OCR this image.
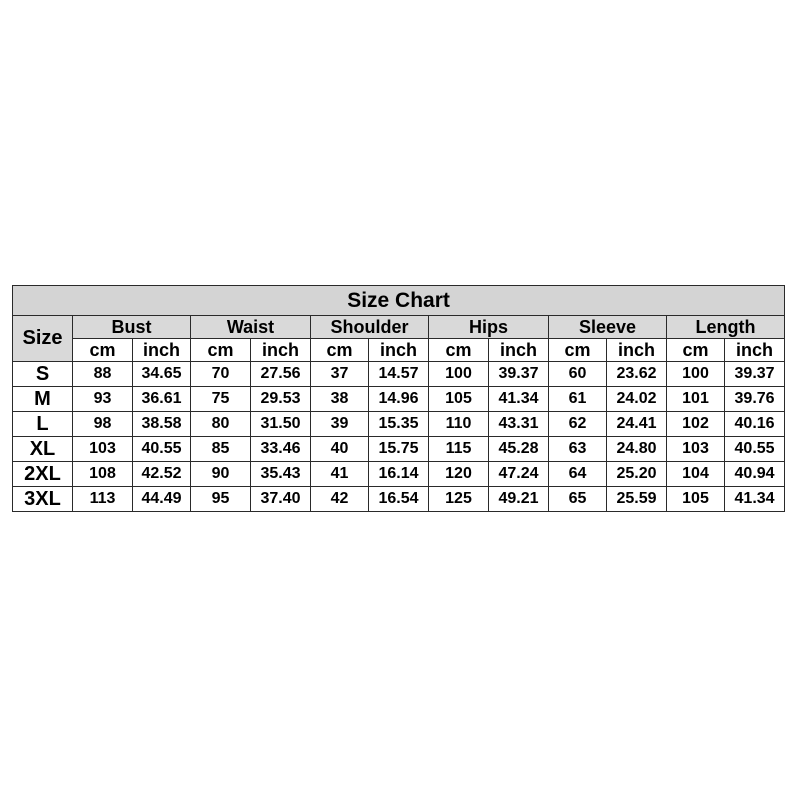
Size Chart												
Size	Bust		Waist		Shoulder		Hips		Sleeve		Length	
	cm	inch	cm	inch	cm	inch	cm	inch	cm	inch	cm	inch
S	88	34.65	70	27.56	37	14.57	100	39.37	60	23.62	100	39.37
M	93	36.61	75	29.53	38	14.96	105	41.34	61	24.02	101	39.76
L	98	38.58	80	31.50	39	15.35	110	43.31	62	24.41	102	40.16
XL	103	40.55	85	33.46	40	15.75	115	45.28	63	24.80	103	40.55
2XL	108	42.52	90	35.43	41	16.14	120	47.24	64	25.20	104	40.94
3XL	113	44.49	95	37.40	42	16.54	125	49.21	65	25.59	105	41.34
